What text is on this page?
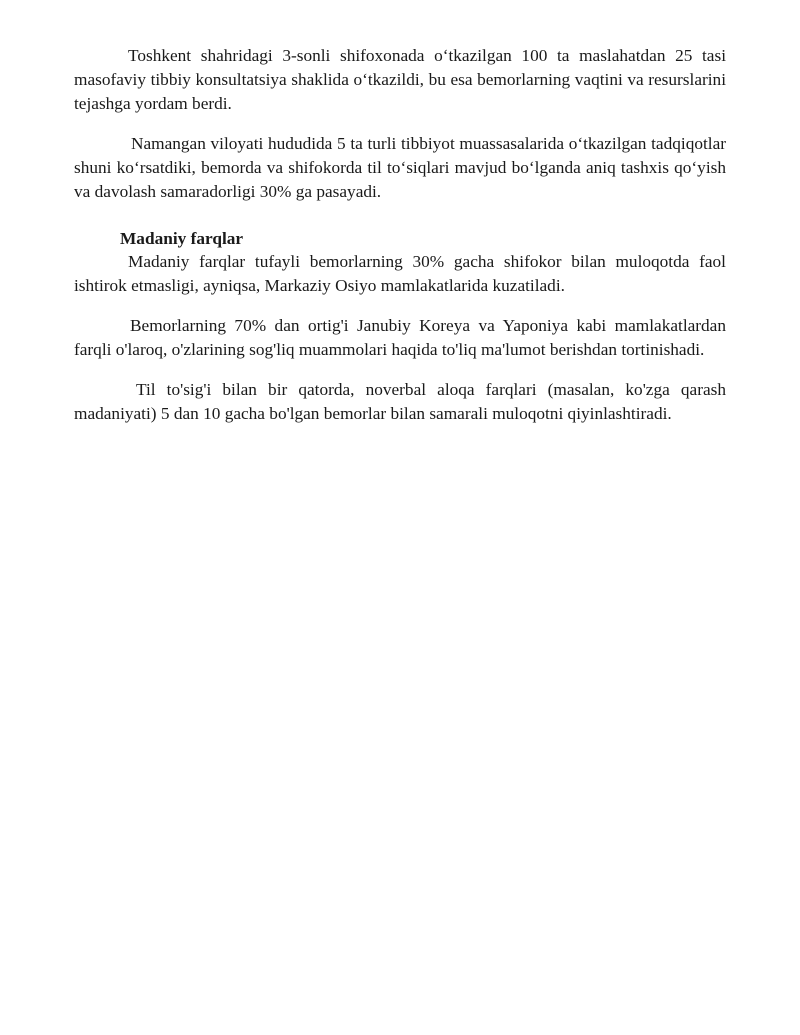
Toshkent shahridagi 3-sonli shifoxonada o‘tkazilgan 100 ta maslahatdan 25 tasi masofaviy tibbiy konsultatsiya shaklida o‘tkazildi, bu esa bemorlarning vaqtini va resurslarini tejashga yordam berdi.

Namangan viloyati hududida 5 ta turli tibbiyot muassasalarida o‘tkazilgan tadqiqotlar shuni ko‘rsatdiki, bemorda va shifokorda til to‘siqlari mavjud bo‘lganda aniq tashxis qo‘yish va davolash samaradorligi 30% ga pasayadi.

Madaniy farqlar

Madaniy farqlar tufayli bemorlarning 30% gacha shifokor bilan muloqotda faol ishtirok etmasligi, ayniqsa, Markaziy Osiyo mamlakatlarida kuzatiladi.

Bemorlarning 70% dan ortig'i Janubiy Koreya va Yaponiya kabi mamlakatlardan farqli o'laroq, o'zlarining sog'liq muammolari haqida to'liq ma'lumot berishdan tortinishadi.

Til to'sig'i bilan bir qatorda, noverbal aloqa farqlari (masalan, ko'zga qarash madaniyati) 5 dan 10 gacha bo'lgan bemorlar bilan samarali muloqotni qiyinlashtiradi.
